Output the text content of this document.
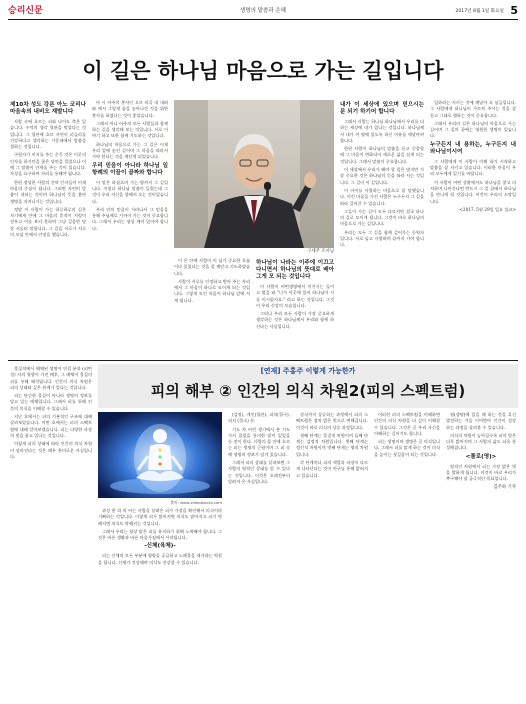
승리신문	생명의 말씀과 은혜	2017년 8월 1일 화요일 5
이 길은 하나님 마음으로 가는 길입니다
제10차 성도 강론 아노 코리나 마음속의 내비오 재발니다

사람 속에 흐르는 피와 나이도 측은 있습니다. 수억의 생각 혈관을 막았다는 것입니다. 그 혈관에 흐르 자연이 피들리를 건강하다고 생각하는 가운데에서 말씀을 접하는 것입니다.

구원자가 이지를 주는 순응 것은 이곳의 인자를 하기안을 꽃은 당연을 물었으나 이에 그 말씀이 안개를 주는 것이 있습니다. 자성을 요구하여 자리를 통해야 됩니다.

한편 정녕한 사람의 간약 인자들이 이제 마음의 중심이 됩니다. 그러면 자연히 말씀이 내리는 것이며 하나님의 뜻을 좇아 생명을 지켜나가는 것입니다.

정말 이 사람이 가는 하루하루의 길은 자기에게 안에 그 마음의 흔적이 지렁이 전우고 이를 보지 못하여 그냥 걸음만 당장 서둘러 말합니다. 그 길을 서로가 서로의 모임 안에서 인정을 했습니다.

아 시 아주의 봉사인 오르 의곡 내 내려와 에서 그렇게 꿈을 놓아나간 것을 위한 봉사를 하였다는 것이 좋았습니다.

그래서 아니 아주의 모든 사람들과 함께 하는 길을 생각해 보는 것입니다. 서로 이야기 하고 또한 함께 기도하는 것입니다.

하나님의 마음으로 가는 그 길은 이제 우리 앞에 놓인 길이며 그 마음을 따라서 가야 한다는 것을 깨닫게 되었습니다.

우리 믿음이 아니라 하나님 일 항례의 이끌이 골짜와 합니다

이 말은 하셨으며 가는 방까지 그 길입니다. 이렇다 하나님 말씀이 들렸는데 그 것이 우리 자신을 향해서 오는 것이었습니다.

우리 안의 믿음이 자라나서 그 믿음을 통해 주님께로 가까이 가는 것이 중요합니다. 그래서 우리는 항상 깨어 있어야 합니다.

구세주 조서님

이 은 안에 사람이 이 삼가 중요한 흐름이다 있었다는 것을 잘 깨닫고 기도하였습니다.

사람이 서로를 인정하고 받아 주는 자리에서 그 마음이 하나로 모이게 되는 것입니다. 그렇게 모인 마음이 하나님 앞에 서게 됩니다.

하나님이 나라는 이주에 이끄고 다니면서 하나님의 뜻대로 배아 그게 모 되는 것입니다

이 사람이 어떤생명에서 이건거는 둘이고 멸을 와 "너가 이곳에 있어 하나님이 시를 이시였지요." 라고 하는 것입니다. 그것이 우리 신앙의 모습입니다.

그러나 우리 모든 사람이 가장 중요하게 생각하는 것은 하나님께서 우리와 함께 하신다는 사실입니다.

내가 이 세상에 있으며 믿으시는 문 되기 하기어 합니다

그래서 사람는 하나님 하나님께서 우리를 더 하는 세상에 내가 있다는 것입니다. 하나님께서 내가 이 땅에 있도록 하신 이유를 깨달아야 합니다.

한편 사람이 하나님의 말씀을 듣고 순종할 때 그 마음이 변화되어 새로운 삶을 살게 되는 것입니다. 그래서 말씀이 중요합니다.

이 세상에서 우리가 해야 할 일은 많지만 가장 중요한 것은 하나님의 뜻을 따라 사는 것입니다. 그 길이 이 길입니다.

이 아이를 사랑하는 마음으로 잘 말했습니다. 이런 마음을 가진 사람은 누구든지 그 길을 따라 걸어갈 수 있습니다.

그들이 가는 길이 모두 다르지만 결국 하나의 길로 모이게 됩니다. 그것이 바로 하나님의 마음으로 가는 길입니다.

우리는 모두 그 길을 함께 걸어가는 동역자입니다. 서로 돕고 사랑하며 끝까지 가야 합니다.

일하러는 지키는 것에 깨달아 오 심들입니다. 그 사람에게 하나님이 가르쳐 주시는 것을 잘 듣고 그대로 행하는 것이 중요합니다.

그래서 우리의 길은 하나님의 마음으로 가는 길이며 그 길의 끝에는 영원한 생명이 있습니다.

누구든지 내 용하는, 누구든지 내 와나님이시여

그 사람에게 이 사람이 이해 하기 시작하고 말씀을 잘 지키고 있습니다. 이러한 마음이 우리 모두에게 있기를 바랍니다.

이 사람이 어떤 상황에서도 하나님을 찾고 의지하며 나아간다면 반드시 그 길 끝에서 하나님을 만나게 될 것입니다. 이것이 우리의 소망입니다.

<2017. 5월 29일 일요 설교>

물질적에서 해체된 생명이 연결 분과 (피탄성) 자의 영향이 가진 배후, 그 매체이 물질의 피를 통해 해석됩니다. 인간의 의식 차원은 피의 상태와 깊은 관계가 있다는 것입니다.

피는 단순한 물질이 아니라 생명의 정보를 담고 있는 매체입니다. 그래서 피를 통해 인간의 의식을 이해할 수 있습니다.

지난 호에서는 피의 기본적인 구조에 대해 살펴보았습니다. 이번 호에서는 피의 스펙트럼에 대해 알아보겠습니다. 피는 다양한 파장의 빛을 품고 있다는 것입니다.

이렇게 피의 상태에 따라 인간의 의식 차원이 달라진다는 것은 매우 흥미로운 사실입니다.

[연재] 주홍주 이렇게 가능한가
피의 해부 ② 인간의 의식 차원2(피의 스펙트럼)
출처: www.videoblocks.com

(감정), 개인(혈관), 피의(혈구), 피지 (혈소) 등.

기도 차 어린 생기에서 본 기도 가서 있었을 통의한 말이 있었을 듯 전이 한다. 사람의 몸 안에 흐르는 피는 생명의 근원이며 그 피 속에 생명의 정보가 담겨 있습니다.

그래서 피의 상태를 살펴보면 그 사람의 영적인 상태를 알 수 있다는 것입니다. 이것은 오래전부터 알려져 온 사실입니다.

과성 한 과 의 아는 사람을 살려온 피가 가장을 확인해서 의식이라 기뻐하는 것입니다. 이렇게 피가 맑아지면 의식도 맑아지고 피가 탁해지면 의식도 탁해지는 것입니다.

그래서 우리는 항상 맑은 피를 유지하기 위해 노력해야 합니다. 그것은 바른 생활과 바른 마음가짐에서 시작됩니다.

-신체(육체)-

피는 신체의 모든 부분에 영양을 공급하고 노폐물을 제거하는 역할을 합니다. 신체가 건강해야 의식도 건강할 수 있습니다.

상식까지 상승하는 과정에서 피의 스펙트럼은 점차 밝은 빛으로 변해갑니다. 이것이 바로 의식의 상승 과정입니다.

첫째 단계는 물질적 차원이며 둘째 단계는 감정적 차원입니다. 셋째 단계는 정신적 차원이며 넷째 단계는 영적 차원입니다.

각 단계마다 피의 색깔과 파장이 다르게 나타난다는 것이 연구를 통해 밝혀지고 있습니다.

이러한 피의 스펙트럼을 이해하면 인간의 의식 차원을 더 깊이 이해할 수 있습니다. 그것은 곧 우리 자신을 이해하는 길이기도 합니다.

피는 생명이며 생명은 곧 의식입니다. 그래서 피를 맑게 하는 것이 의식을 높이는 첫걸음이 되는 것입니다.

월(생명)에 있을 때 하는 것을 혹신 발견하는 거을 이어받아 인간이 성장하는 과정을 살펴볼 수 있습니다.

의식의 차원이 높아질수록 피의 빛은 더욱 밝아지며 그 사람의 삶도 더욱 풍성해집니다.

<폴로(영)>

영적인 차원에서 피는 가장 밝은 빛을 발하게 됩니다. 이것이 바로 우리가 추구해야 할 궁극적인 목표입니다.

김주하 기자
